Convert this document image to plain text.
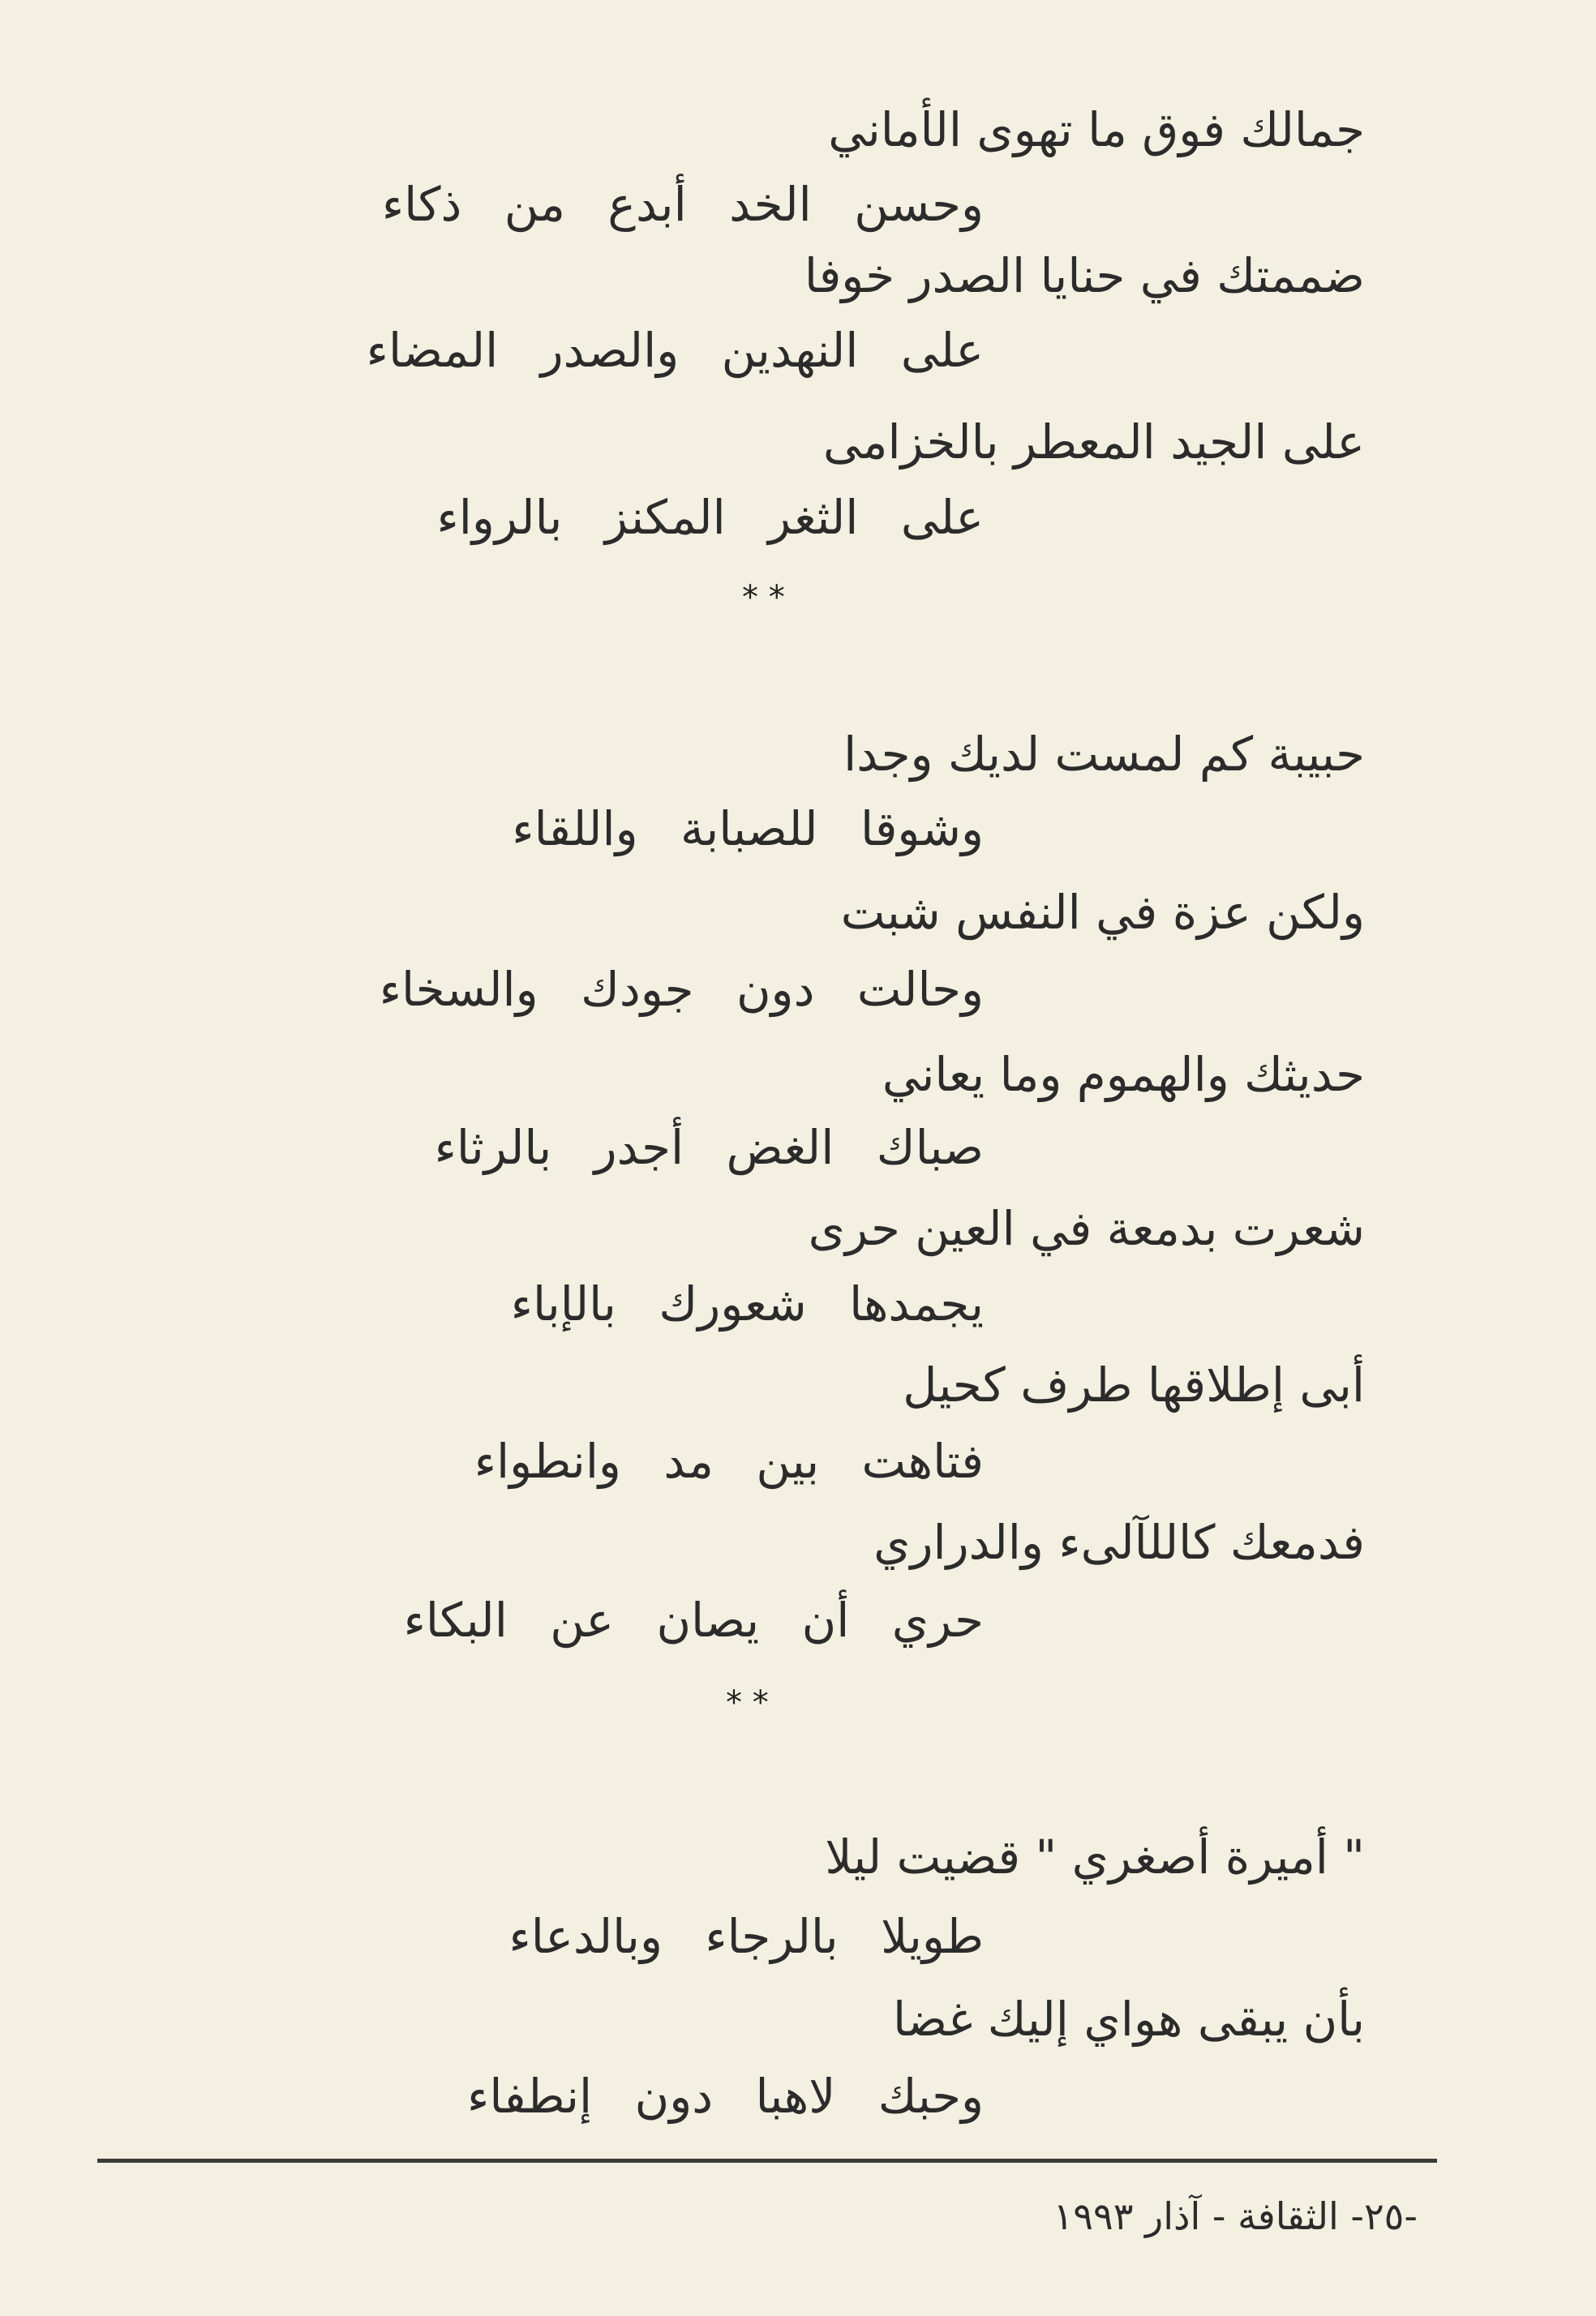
جمالك فوق ما تهوى الأماني
وحسن الخد أبدع من ذكاء
ضممتك في حنايا الصدر خوفا
على النهدين والصدر المضاء
على الجيد المعطر بالخزامى
على الثغر المكنز بالرواء
* *
حبيبة كم لمست لديك وجدا
وشوقا للصبابة واللقاء
ولكن عزة في النفس شبت
وحالت دون جودك والسخاء
حديثك والهموم وما يعاني
صباك الغض أجدر بالرثاء
شعرت بدمعة في العين حرى
يجمدها شعورك بالإباء
أبى إطلاقها طرف كحيل
فتاهت بين مد وانطواء
فدمعك كاللآلىء والدراري
حري أن يصان عن البكاء
* *
" أميرة أصغري " قضيت ليلا
طويلا بالرجاء وبالدعاء
بأن يبقى هواي إليك غضا
وحبك لاهبا دون إنطفاء
-٢٥- الثقافة - آذار ١٩٩٣
